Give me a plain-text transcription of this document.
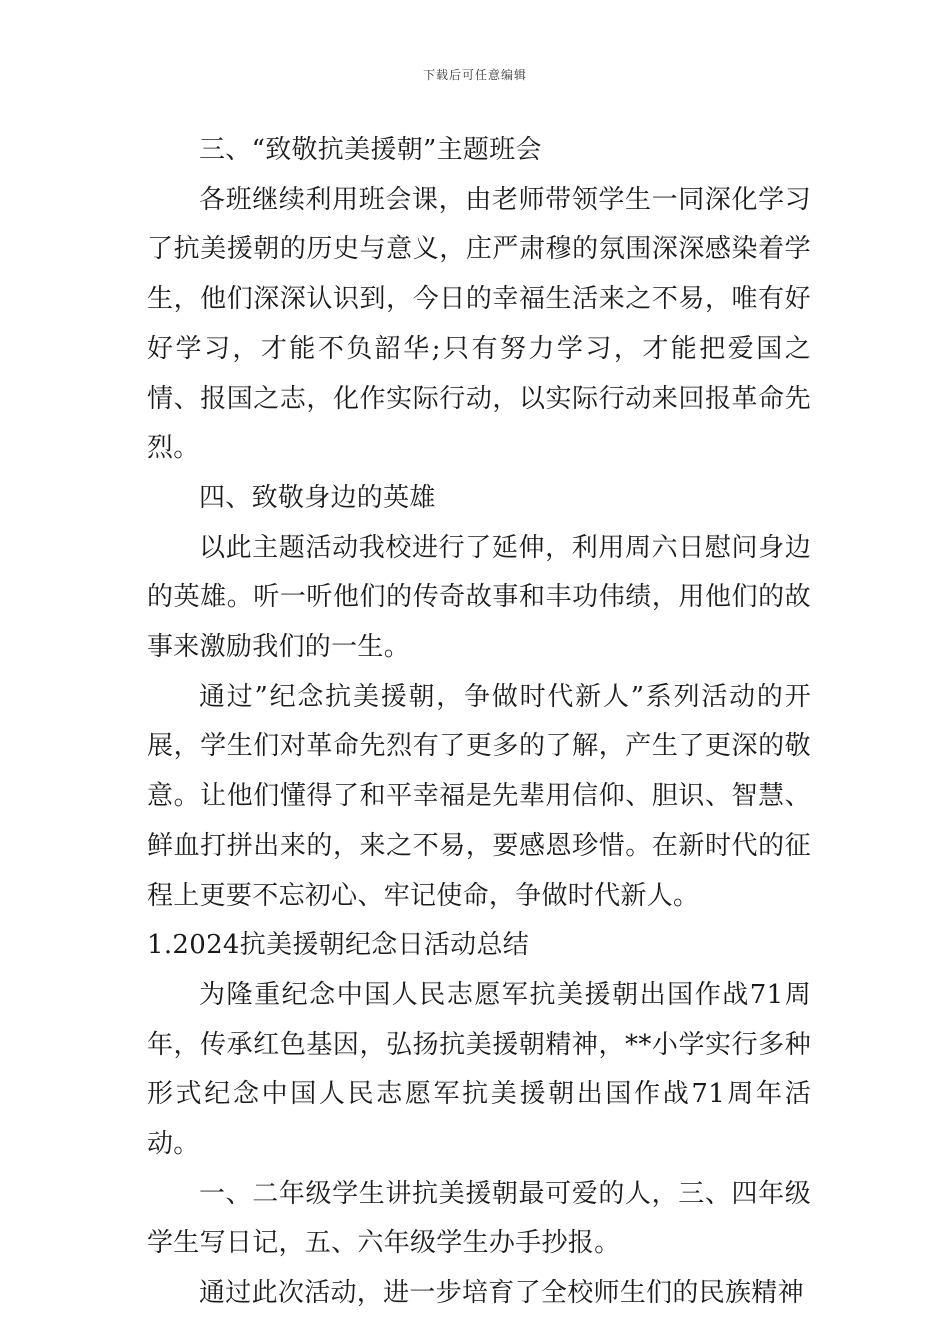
下载后可任意编辑

三、“致敬抗美援朝”主题班会

各班继续利用班会课，由老师带领学生一同深化学习了抗美援朝的历史与意义，庄严肃穆的氛围深深感染着学生，他们深深认识到，今日的幸福生活来之不易，唯有好好学习，才能不负韶华;只有努力学习，才能把爱国之情、报国之志，化作实际行动，以实际行动来回报革命先烈。

四、致敬身边的英雄

以此主题活动我校进行了延伸，利用周六日慰问身边的英雄。听一听他们的传奇故事和丰功伟绩，用他们的故事来激励我们的一生。

通过”纪念抗美援朝，争做时代新人”系列活动的开展，学生们对革命先烈有了更多的了解，产生了更深的敬意。让他们懂得了和平幸福是先辈用信仰、胆识、智慧、鲜血打拼出来的，来之不易，要感恩珍惜。在新时代的征程上更要不忘初心、牢记使命，争做时代新人。

1.2024抗美援朝纪念日活动总结

为隆重纪念中国人民志愿军抗美援朝出国作战71周年，传承红色基因，弘扬抗美援朝精神，**小学实行多种形式纪念中国人民志愿军抗美援朝出国作战71周年活动。

一、二年级学生讲抗美援朝最可爱的人，三、四年级学生写日记，五、六年级学生办手抄报。

通过此次活动，进一步培育了全校师生们的民族精神
